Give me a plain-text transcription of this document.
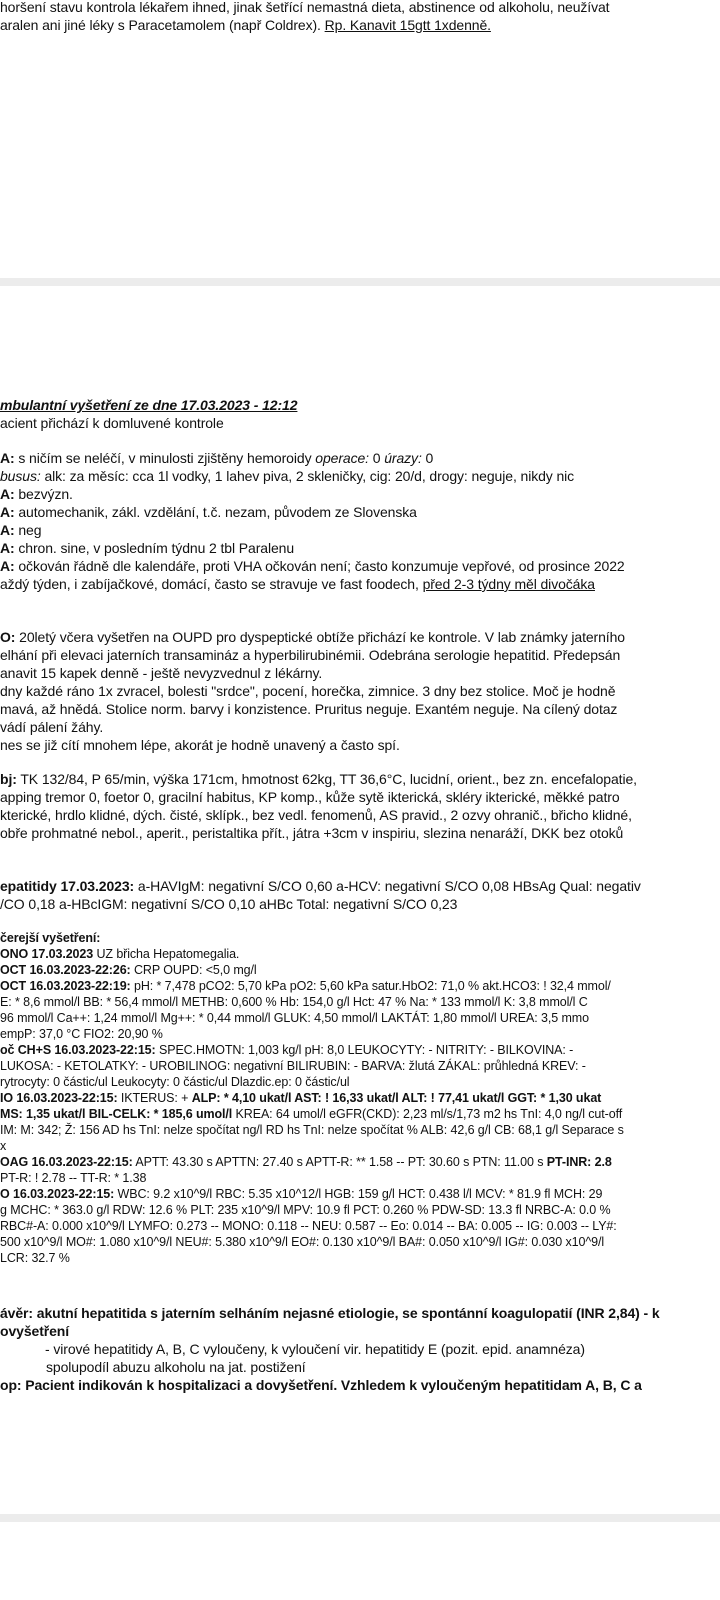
horšení stavu kontrola lékařem ihned, jinak šetřící nemastná dieta, abstinence od alkoholu, neužívat
aralen ani jiné léky s Paracetamolem (např Coldrex). Rp. Kanavit 15gtt 1xdenně.
mbulantní vyšetření ze dne 17.03.2023 - 12:12
acient přichází k domluvené kontrole
A: s ničím se neléčí, v minulosti zjištěny hemoroidy operace: 0 úrazy: 0
busus: alk: za měsíc: cca 1l vodky, 1 lahev piva, 2 skleničky, cig: 20/d, drogy: neguje, nikdy nic
A: bezvýzn.
A: automechanik, zákl. vzdělání, t.č. nezam, původem ze Slovenska
A: neg
A: chron. sine, v posledním týdnu 2 tbl Paralenu
A: očkován řádně dle kalendáře, proti VHA očkován není; často konzumuje vepřové, od prosince 2022
aždý týden, i zabíjačkové, domácí, často se stravuje ve fast foodech, před 2-3 týdny měl divočáka
O: 20letý včera vyšetřen na OUPD pro dyspeptické obtíže přichází ke kontrole. V lab známky jaterního
elhání při elevaci jaterních transamináz a hyperbilirubinémii. Odebrána serologie hepatitid. Předepsán
anavit 15 kapek denně - ještě nevyzvednul z lékárny.
dny každé ráno 1x zvracel, bolesti "srdce", pocení, horečka, zimnice. 3 dny bez stolice. Moč je hodně
mavá, až hnědá. Stolice norm. barvy i konzistence. Pruritus neguje. Exantém neguje. Na cílený dotaz
vádí pálení žáhy.
nes se již cítí mnohem lépe, akorát je hodně unavený a často spí.
bj: TK 132/84, P 65/min, výška 171cm, hmotnost 62kg, TT 36,6°C, lucidní, orient., bez zn. encefalopatie,
apping tremor 0, foetor 0, gracilní habitus, KP komp., kůže sytě ikterická, skléry ikterické, měkké patro
kterické, hrdlo klidné, dých. čisté, sklípk., bez vedl. fenomenů, AS pravid., 2 ozvy ohranič., břicho klidné,
obře prohmatné nebol., aperit., peristaltika přít., játra +3cm v inspiriu, slezina nenaráží, DKK bez otoků
epatitidy 17.03.2023: a-HAVIgM: negativní S/CO 0,60 a-HCV: negativní S/CO 0,08 HBsAg Qual: negativ
/CO 0,18 a-HBcIGM: negativní S/CO 0,10 aHBc Total: negativní S/CO 0,23
čerejší vyšetření:
ONO 17.03.2023 UZ břicha Hepatomegalia.
OCT 16.03.2023-22:26: CRP OUPD: <5,0 mg/l
OCT 16.03.2023-22:19: pH: * 7,478 pCO2: 5,70 kPa pO2: 5,60 kPa satur.HbO2: 71,0 % akt.HCO3: ! 32,4 mmol/
E: * 8,6 mmol/l BB: * 56,4 mmol/l METHB: 0,600 % Hb: 154,0 g/l Hct: 47 % Na: * 133 mmol/l K: 3,8 mmol/l C
96 mmol/l Ca++: 1,24 mmol/l Mg++: * 0,44 mmol/l GLUK: 4,50 mmol/l LAKTÁT: 1,80 mmol/l UREA: 3,5 mmo
empP: 37,0 °C FIO2: 20,90 %
oč CH+S 16.03.2023-22:15: SPEC.HMOTN: 1,003 kg/l pH: 8,0 LEUKOCYTY: - NITRITY: - BILKOVINA: -
LUKOSA: - KETOLATKY: - UROBILINOG: negativní BILIRUBIN: - BARVA: žlutá ZÁKAL: průhledná KREV: -
rytrocyty: 0 částic/ul Leukocyty: 0 částic/ul Dlazdic.ep: 0 částic/ul
IO 16.03.2023-22:15: IKTERUS: + ALP: * 4,10 ukat/l AST: ! 16,33 ukat/l ALT: ! 77,41 ukat/l GGT: * 1,30 ukat
MS: 1,35 ukat/l BIL-CELK: * 185,6 umol/l KREA: 64 umol/l eGFR(CKD): 2,23 ml/s/1,73 m2 hs TnI: 4,0 ng/l cut-off
IM: M: 342; Ž: 156 AD hs TnI: nelze spočítat ng/l RD hs TnI: nelze spočítat % ALB: 42,6 g/l CB: 68,1 g/l Separace s
x
OAG 16.03.2023-22:15: APTT: 43.30 s APTTN: 27.40 s APTT-R: ** 1.58 -- PT: 30.60 s PTN: 11.00 s PT-INR: 2.8
PT-R: ! 2.78 -- TT-R: * 1.38
O 16.03.2023-22:15: WBC: 9.2 x10^9/l RBC: 5.35 x10^12/l HGB: 159 g/l HCT: 0.438 l/l MCV: * 81.9 fl MCH: 29
g MCHC: * 363.0 g/l RDW: 12.6 % PLT: 235 x10^9/l MPV: 10.9 fl PCT: 0.260 % PDW-SD: 13.3 fl NRBC-A: 0.0 %
RBC#-A: 0.000 x10^9/l LYMFO: 0.273 -- MONO: 0.118 -- NEU: 0.587 -- Eo: 0.014 -- BA: 0.005 -- IG: 0.003 -- LY#:
500 x10^9/l MO#: 1.080 x10^9/l NEU#: 5.380 x10^9/l EO#: 0.130 x10^9/l BA#: 0.050 x10^9/l IG#: 0.030 x10^9/l
LCR: 32.7 %
ávěr: akutní hepatitida s jaterním selháním nejasné etiologie, se spontánní koagulopatií (INR 2,84) - k
ovyšetření
- virové hepatitidy A, B, C vyloučeny, k vyloučení vir. hepatitidy E (pozit. epid. anamnéza)
spolupodíl abuzu alkoholu na jat. postižení
op: Pacient indikován k hospitalizaci a dovyšetření. Vzhledem k vyloučeným hepatitidam A, B, C a
